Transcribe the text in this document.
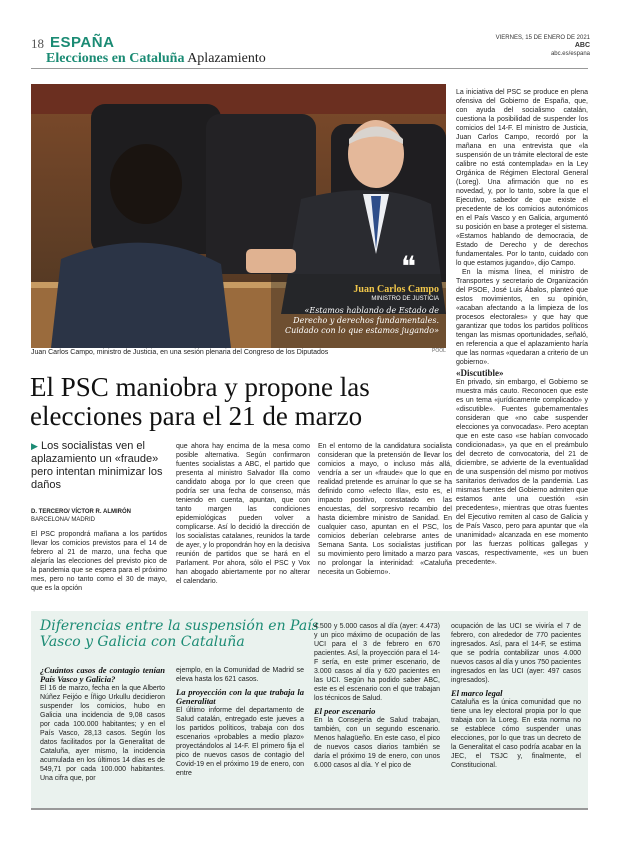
18 ESPAÑA
Elecciones en Cataluña Aplazamiento
VIERNES, 15 DE ENERO DE 2021 ABC
abc.es/espana
❝
Juan Carlos Campo
MINISTRO DE JUSTICIA
«Estamos hablando de Estado de Derecho y derechos fundamentales. Cuidado con lo que estamos jugando»
Juan Carlos Campo, ministro de Justicia, en una sesión plenaria del Congreso de los Diputados	POOL
El PSC maniobra y propone las elecciones para el 21 de marzo
▶ Los socialistas ven el aplazamiento un «fraude» pero intentan minimizar los daños
D. TERCERO/ VÍCTOR R. ALMIRÓN
BARCELONA/ MADRID
El PSC propondrá mañana a los partidos llevar los comicios previstos para el 14 de febrero al 21 de marzo, una fecha que alejaría las elecciones del previsto pico de la pandemia que se espera para el próximo mes, pero no tanto como el 30 de mayo, que es la opción
que ahora hay encima de la mesa como posible alternativa. Según confirmaron fuentes socialistas a ABC, el partido que presenta al ministro Salvador Illa como candidato aboga por lo que creen que podría ser una fecha de consenso, más teniendo en cuenta, apuntan, que con tanto margen las condiciones epidemiológicas pueden volver a complicarse. Así lo decidió la dirección de los socialistas catalanes, reunidos la tarde de ayer, y lo propondrán hoy en la decisiva reunión de partidos que se hará en el Parlament. Por ahora, sólo el PSC y Vox han abogado abiertamente por no alterar el calendario.
En el entorno de la candidatura socialista consideran que la pretensión de llevar los comicios a mayo, o incluso más allá, vendría a ser un «fraude» que lo que en realidad pretende es arruinar lo que se ha definido como «efecto Illa», esto es, el impacto positivo, constatado en las encuestas, del sorpresivo recambio del hasta diciembre ministro de Sanidad. En cualquier caso, apuntan en el PSC, los comicios deberían celebrarse antes de Semana Santa. Los socialistas justifican su movimiento pero limitado a marzo para no prolongar la interinidad: «Cataluña necesita un Gobierno».
La iniciativa del PSC se produce en plena ofensiva del Gobierno de España, que, con ayuda del socialismo catalán, cuestiona la posibilidad de suspender los comicios del 14-F. El ministro de Justicia, Juan Carlos Campo, recordó por la mañana en una entrevista que «la suspensión de un trámite electoral de este calibre no está contemplada» en la Ley Orgánica de Régimen Electoral General (Loreg). Una afirmación que no es novedad, y, por lo tanto, sobre la que el Ejecutivo, sabedor de que existe el precedente de los comicios autonómicos en el País Vasco y en Galicia, argumentó su posición en base a proteger el sistema. «Estamos hablando de democracia, de Estado de Derecho y de derechos fundamentales. Por lo tanto, cuidado con lo que estamos jugando», dijo Campo.
En la misma línea, el ministro de Transportes y secretario de Organización del PSOE, José Luis Ábalos, planteó que estos movimientos, en su opinión, «acaban afectando a la limpieza de los procesos electorales» y que hay que garantizar que todos los partidos políticos tengan las mismas oportunidades, señaló, en referencia a que el aplazamiento haría que las normas «quedaran a criterio de un gobierno».
«Discutible»
En privado, sin embargo, el Gobierno se muestra más cauto. Reconocen que este es un tema «jurídicamente complicado» y «discutible». Fuentes gubernamentales consideran que «no cabe suspender elecciones ya convocadas». Pero aceptan que en este caso «se habían convocado condicionadas», ya que en el preámbulo del decreto de convocatoria, del 21 de diciembre, se advierte de la eventualidad de una suspensión del mismo por motivos sanitarios derivados de la pandemia. Las mismas fuentes del Gobierno admiten que estamos ante una cuestión «sin precedentes», mientras que otras fuentes del Ejecutivo remiten al caso de Galicia y de País Vasco, pero para apuntar que «la unanimidad» alcanzada en ese momento por las fuerzas políticas gallegas y vascas, respectivamente, «es un buen precedente».
Diferencias entre la suspensión en País Vasco y Galicia con Cataluña
¿Cuántos casos de contagio tenían País Vasco y Galicia?
El 16 de marzo, fecha en la que Alberto Núñez Feijóo e Íñigo Urkullu decidieron suspender los comicios, hubo en Galicia una incidencia de 9,08 casos por cada 100.000 habitantes; y en el País Vasco, 28,13 casos. Según los datos facilitados por la Generalitat de Cataluña, ayer mismo, la incidencia acumulada en los últimos 14 días es de 549,71 por cada 100.000 habitantes. Una cifra que, por
ejemplo, en la Comunidad de Madrid se eleva hasta los 621 casos.
La proyección con la que trabaja la Generalitat
El último informe del departamento de Salud catalán, entregado este jueves a los partidos políticos, trabaja con dos escenarios «probables a medio plazo» proyectándolos al 14-F. El primero fija el pico de nuevos casos de contagio del Covid-19 en el próximo 19 de enero, con entre
4.500 y 5.000 casos al día (ayer: 4.473) y un pico máximo de ocupación de las UCI para el 3 de febrero en 670 pacientes. Así, la proyección para el 14-F sería, en este primer escenario, de 3.000 casos al día y 620 pacientes en las UCI. Según ha podido saber ABC, este es el escenario con el que trabajan los técnicos de Salud.
El peor escenario
En la Consejería de Salud trabajan, también, con un segundo escenario. Menos halagüeño. En este caso, el pico de nuevos casos diarios también se daría el próximo 19 de enero, con unos 6.000 casos al día. Y el pico de
ocupación de las UCI se viviría el 7 de febrero, con alrededor de 770 pacientes ingresados. Así, para el 14-F, se estima que se podría contabilizar unos 4.000 nuevos casos al día y unos 750 pacientes ingresados en las UCI (ayer: 497 casos ingresados).
El marco legal
Cataluña es la única comunidad que no tiene una ley electoral propia por lo que trabaja con la Loreg. En esta norma no se establece cómo suspender unas elecciones, por lo que tras un decreto de la Generalitat el caso podría acabar en la JEC, el TSJC y, finalmente, el Constitucional.
